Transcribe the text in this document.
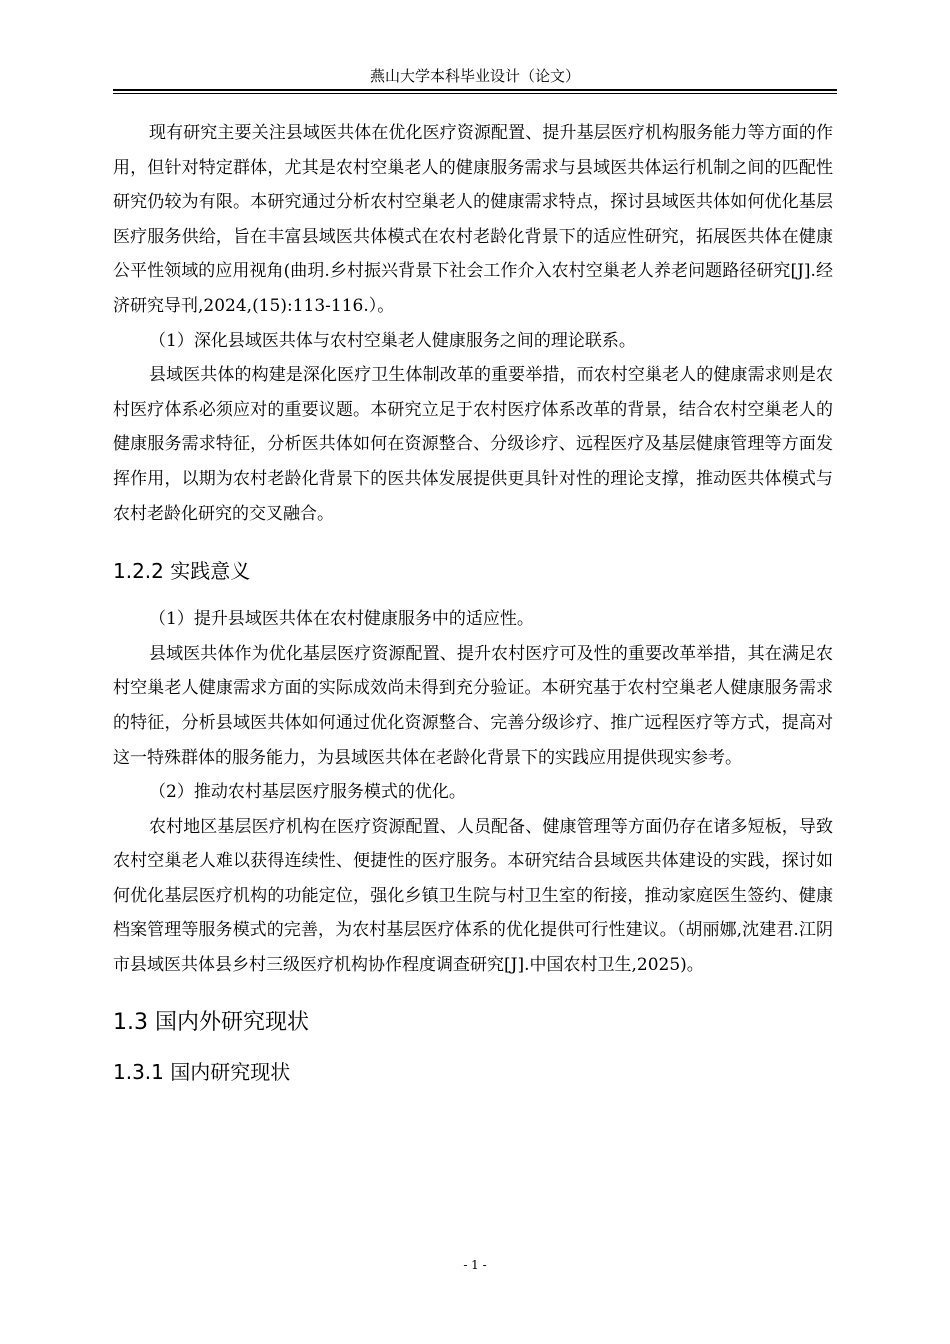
燕山大学本科毕业设计（论文）

现有研究主要关注县域医共体在优化医疗资源配置、提升基层医疗机构服务能力等方面的作用，但针对特定群体，尤其是农村空巢老人的健康服务需求与县域医共体运行机制之间的匹配性研究仍较为有限。本研究通过分析农村空巢老人的健康需求特点，探讨县域医共体如何优化基层医疗服务供给，旨在丰富县域医共体模式在农村老龄化背景下的适应性研究，拓展医共体在健康公平性领域的应用视角(曲玥.乡村振兴背景下社会工作介入农村空巢老人养老问题路径研究[J].经济研究导刊,2024,(15):113-116.）。

（1）深化县域医共体与农村空巢老人健康服务之间的理论联系。

县域医共体的构建是深化医疗卫生体制改革的重要举措，而农村空巢老人的健康需求则是农村医疗体系必须应对的重要议题。本研究立足于农村医疗体系改革的背景，结合农村空巢老人的健康服务需求特征，分析医共体如何在资源整合、分级诊疗、远程医疗及基层健康管理等方面发挥作用，以期为农村老龄化背景下的医共体发展提供更具针对性的理论支撑，推动医共体模式与农村老龄化研究的交叉融合。

1.2.2 实践意义

（1）提升县域医共体在农村健康服务中的适应性。

县域医共体作为优化基层医疗资源配置、提升农村医疗可及性的重要改革举措，其在满足农村空巢老人健康需求方面的实际成效尚未得到充分验证。本研究基于农村空巢老人健康服务需求的特征，分析县域医共体如何通过优化资源整合、完善分级诊疗、推广远程医疗等方式，提高对这一特殊群体的服务能力，为县域医共体在老龄化背景下的实践应用提供现实参考。

（2）推动农村基层医疗服务模式的优化。

农村地区基层医疗机构在医疗资源配置、人员配备、健康管理等方面仍存在诸多短板，导致农村空巢老人难以获得连续性、便捷性的医疗服务。本研究结合县域医共体建设的实践，探讨如何优化基层医疗机构的功能定位，强化乡镇卫生院与村卫生室的衔接，推动家庭医生签约、健康档案管理等服务模式的完善，为农村基层医疗体系的优化提供可行性建议。（胡丽娜,沈建君.江阴市县域医共体县乡村三级医疗机构协作程度调查研究[J].中国农村卫生,2025)。

1.3 国内外研究现状
1.3.1 国内研究现状
- 1 -
